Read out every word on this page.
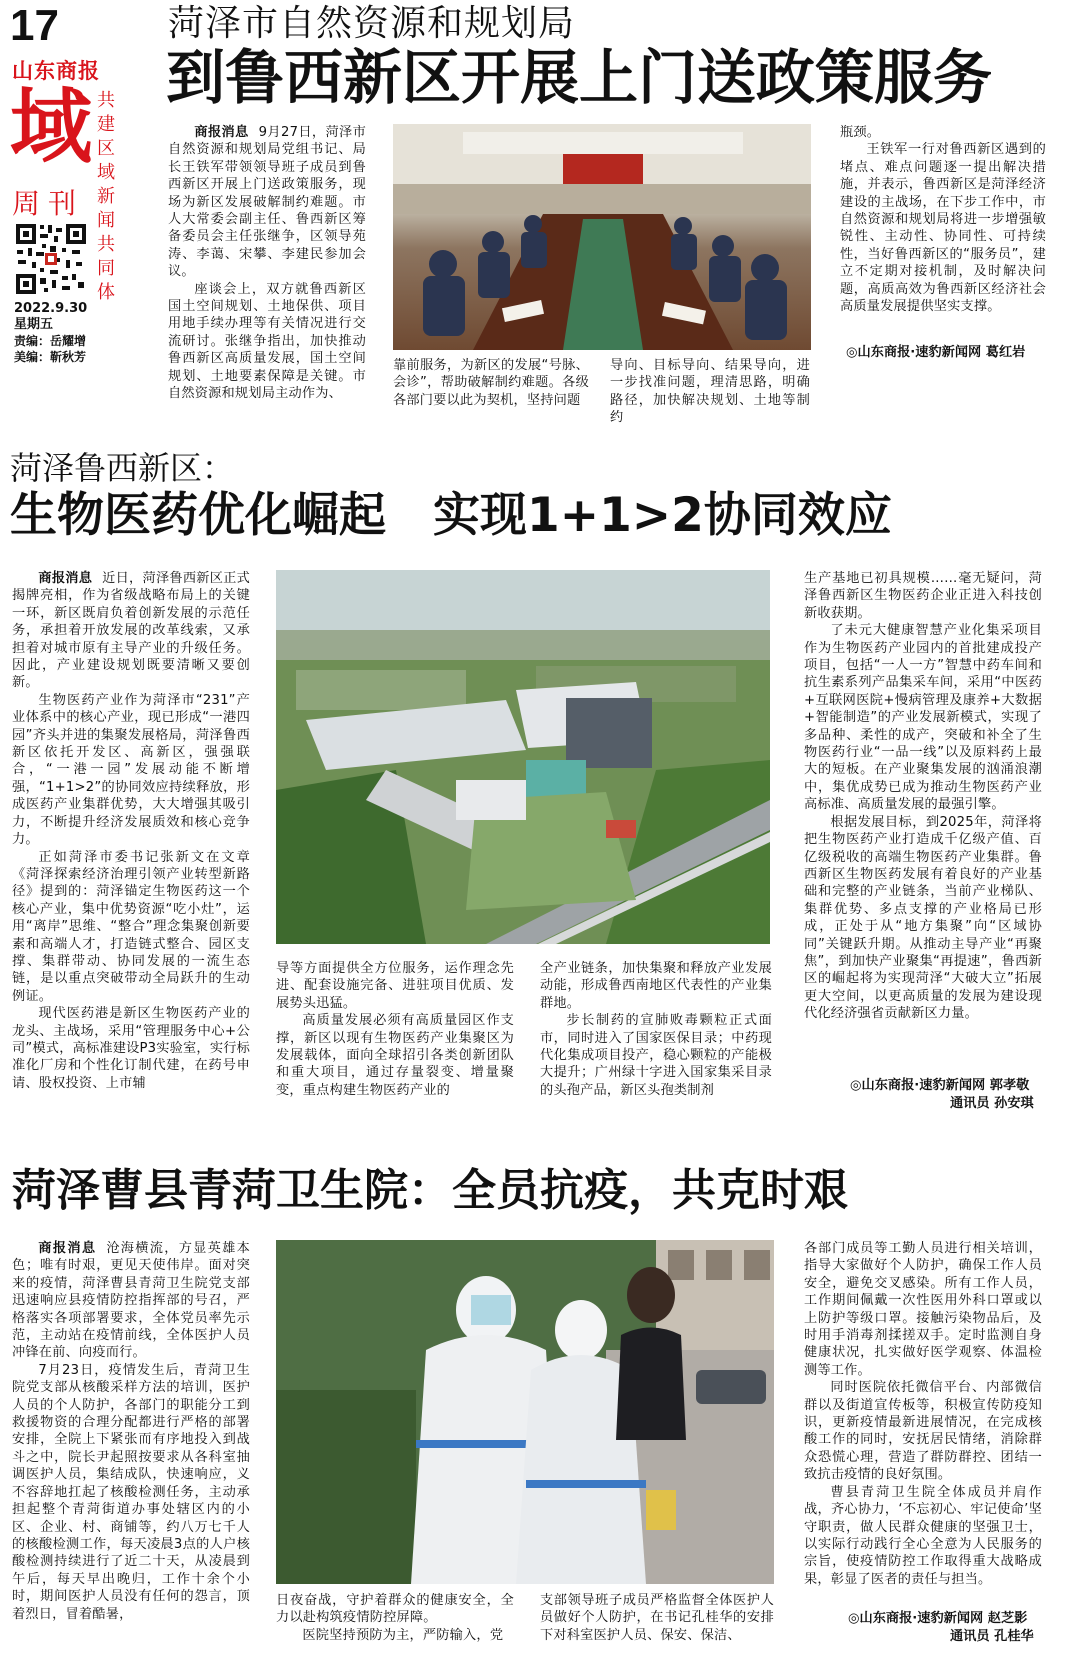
17
山东商报
域 共建区域新闻共同体
周刊
2022.9.30
星期五
责编：岳耀增
美编：靳秋芳
菏泽市自然资源和规划局
到鲁西新区开展上门送政策服务

商报消息 9月27日，菏泽市自然资源和规划局党组书记、局长王铁军带领领导班子成员到鲁西新区开展上门送政策服务，现场为新区发展破解制约难题。市人大常委会副主任、鲁西新区筹备委员会主任张继争，区领导苑涛、李蔼、宋攀、李建民参加会议。

座谈会上，双方就鲁西新区国土空间规划、土地保供、项目用地手续办理等有关情况进行交流研讨。张继争指出，加快推动鲁西新区高质量发展，国土空间规划、土地要素保障是关键。市自然资源和规划局主动作为、

靠前服务，为新区的发展“号脉、会诊”，帮助破解制约难题。各级各部门要以此为契机，坚持问题

导向、目标导向、结果导向，进一步找准问题，理清思路，明确路径，加快解决规划、土地等制约

瓶颈。

王铁军一行对鲁西新区遇到的堵点、难点问题逐一提出解决措施，并表示，鲁西新区是菏泽经济建设的主战场，在下步工作中，市自然资源和规划局将进一步增强敏锐性、主动性、协同性、可持续性，当好鲁西新区的“服务员”，建立不定期对接机制，及时解决问题，高质高效为鲁西新区经济社会高质量发展提供坚实支撑。

◎山东商报·速豹新闻网 葛红岩
菏泽鲁西新区：
生物医药优化崛起　实现1+1>2协同效应

商报消息 近日，菏泽鲁西新区正式揭牌亮相，作为省级战略布局上的关键一环，新区既肩负着创新发展的示范任务，承担着开放发展的改革线索，又承担着对城市原有主导产业的升级任务。因此，产业建设规划既要清晰又要创新。

生物医药产业作为菏泽市“231”产业体系中的核心产业，现已形成“一港四园”齐头并进的集聚发展格局，菏泽鲁西新区依托开发区、高新区，强强联合，“一港一园”发展动能不断增强，“1+1>2”的协同效应持续释放，形成医药产业集群优势，大大增强其吸引力，不断提升经济发展质效和核心竞争力。

正如菏泽市委书记张新文在文章《菏泽探索经济治理引领产业转型新路径》提到的：菏泽锚定生物医药这一个核心产业，集中优势资源“吃小灶”，运用“离岸”思维、“整合”理念集聚创新要素和高端人才，打造链式整合、园区支撑、集群带动、协同发展的一流生态链，是以重点突破带动全局跃升的生动例证。

现代医药港是新区生物医药产业的龙头、主战场，采用“管理服务中心+公司”模式，高标准建设P3实验室，实行标准化厂房和个性化订制代建，在药号申请、股权投资、上市辅

导等方面提供全方位服务，运作理念先进、配套设施完备、进驻项目优质、发展势头迅猛。

高质量发展必须有高质量园区作支撑，新区以现有生物医药产业集聚区为发展载体，面向全球招引各类创新团队和重大项目，通过存量裂变、增量聚变，重点构建生物医药产业的

全产业链条，加快集聚和释放产业发展动能，形成鲁西南地区代表性的产业集群地。

步长制药的宣肺败毒颗粒正式面市，同时进入了国家医保目录；中药现代化集成项目投产，稳心颗粒的产能极大提升；广州绿十字进入国家集采目录的头孢产品，新区头孢类制剂

生产基地已初具规模……毫无疑问，菏泽鲁西新区生物医药企业正进入科技创新收获期。

了未元大健康智慧产业化集采项目作为生物医药产业园内的首批建成投产项目，包括“一人一方”智慧中药车间和抗生素系列产品集采车间，采用“中医药+互联网医院+慢病管理及康养+大数据+智能制造”的产业发展新模式，实现了多品种、柔性的成产，突破和补全了生物医药行业“一品一线”以及原料药上最大的短板。在产业聚集发展的汹涌浪潮中，集优成势已成为推动生物医药产业高标准、高质量发展的最强引擎。

根据发展目标，到2025年，菏泽将把生物医药产业打造成千亿级产值、百亿级税收的高端生物医药产业集群。鲁西新区生物医药发展有着良好的产业基础和完整的产业链条，当前产业梯队、集群优势、多点支撑的产业格局已形成，正处于从“地方集聚”向“区域协同”关键跃升期。从推动主导产业“再聚焦”，到加快产业聚集“再提速”，鲁西新区的崛起将为实现菏泽“大破大立”拓展更大空间，以更高质量的发展为建设现代化经济强省贡献新区力量。

◎山东商报·速豹新闻网 郭孝敬
通讯员 孙安琪
菏泽曹县青菏卫生院：全员抗疫，共克时艰

商报消息 沧海横流，方显英雄本色；唯有时艰，更见天使伟岸。面对突来的疫情，菏泽曹县青菏卫生院党支部迅速响应县疫情防控指挥部的号召，严格落实各项部署要求，全体党员率先示范，主动站在疫情前线，全体医护人员冲锋在前、向疫而行。

7月23日，疫情发生后，青菏卫生院党支部从核酸采样方法的培训，医护人员的个人防护，各部门的职能分工到救援物资的合理分配都进行严格的部署安排，全院上下紧张而有序地投入到战斗之中，院长尹起照按要求从各科室抽调医护人员，集结成队，快速响应，义不容辞地扛起了核酸检测任务，主动承担起整个青菏街道办事处辖区内的小区、企业、村、商铺等，约八万七千人的核酸检测工作，每天凌晨3点的人户核酸检测持续进行了近二十天，从凌晨到午后，每天早出晚归，工作十余个小时，期间医护人员没有任何的怨言，顶着烈日，冒着酷暑，

日夜奋战，守护着群众的健康安全，全力以赴构筑疫情防控屏障。

医院坚持预防为主，严防输入，党

支部领导班子成员严格监督全体医护人员做好个人防护，在书记孔桂华的安排下对科室医护人员、保安、保洁、

各部门成员等工勤人员进行相关培训，指导大家做好个人防护，确保工作人员安全，避免交叉感染。所有工作人员，工作期间佩戴一次性医用外科口罩或以上防护等级口罩。接触污染物品后，及时用手消毒剂揉搓双手。定时监测自身健康状况，扎实做好医学观察、体温检测等工作。

同时医院依托微信平台、内部微信群以及街道宣传板等，积极宣传防疫知识，更新疫情最新进展情况，在完成核酸工作的同时，安抚居民情绪，消除群众恐慌心理，营造了群防群控、团结一致抗击疫情的良好氛围。

曹县青菏卫生院全体成员并肩作战，齐心协力，‘不忘初心、牢记使命’坚守职责，做人民群众健康的坚强卫士，以实际行动践行全心全意为人民服务的宗旨，使疫情防控工作取得重大战略成果，彰显了医者的责任与担当。

◎山东商报·速豹新闻网 赵芝影
通讯员 孔桂华
